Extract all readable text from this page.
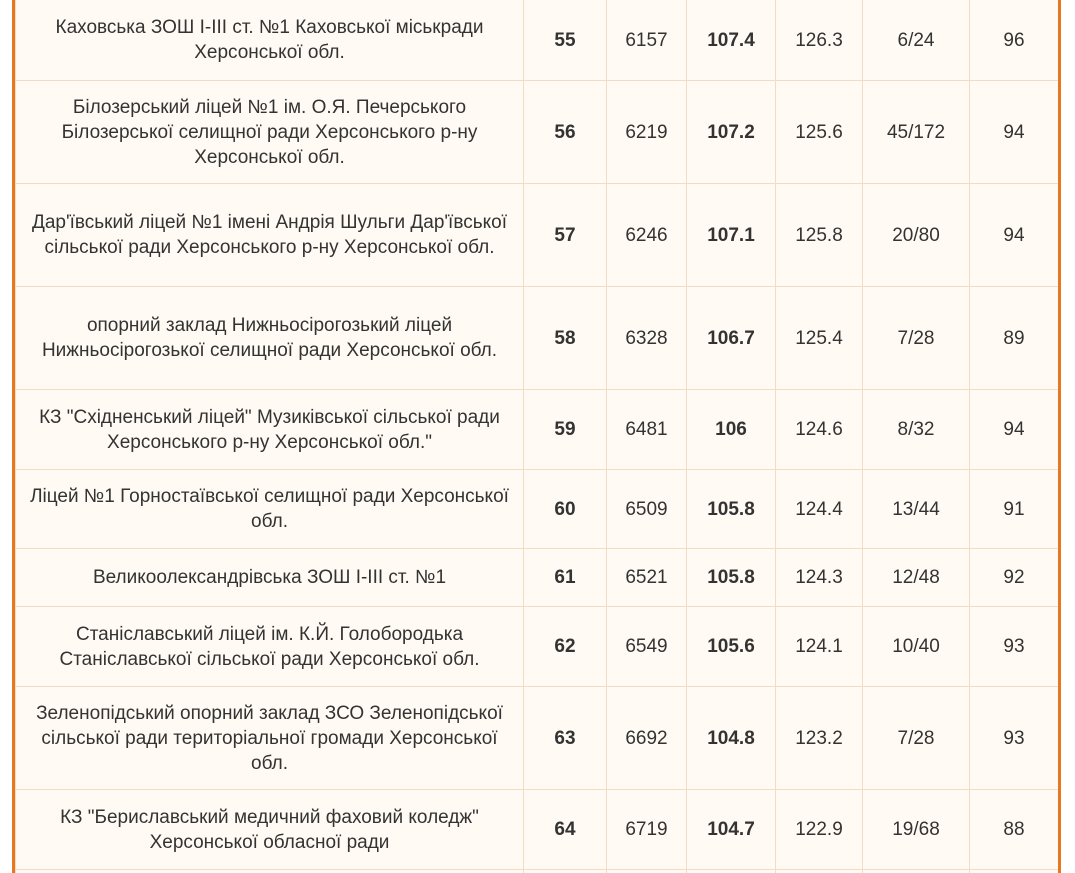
Каховська ЗОШ І-ІІІ ст. №1 Каховської міськради Херсонської обл.	55	6157	107.4	126.3	6/24	96
Білозерський ліцей №1 ім. О.Я. Печерського Білозерської селищної ради Херсонського р-ну Херсонської обл.	56	6219	107.2	125.6	45/172	94
Дар'ївський ліцей №1 імені Андрія Шульги Дар'ївської сільської ради Херсонського р-ну Херсонської обл.	57	6246	107.1	125.8	20/80	94
опорний заклад Нижньосірогозький ліцей Нижньосірогозької селищної ради Херсонської обл.	58	6328	106.7	125.4	7/28	89
КЗ "Східненський ліцей" Музиківської сільської ради Херсонського р-ну Херсонської обл."	59	6481	106	124.6	8/32	94
Ліцей №1 Горностаївської селищної ради Херсонської обл.	60	6509	105.8	124.4	13/44	91
Великоолександрівська ЗОШ І-ІІІ ст. №1	61	6521	105.8	124.3	12/48	92
Станіславський ліцей ім. К.Й. Голобородька Станіславської сільської ради Херсонської обл.	62	6549	105.6	124.1	10/40	93
Зеленопідський опорний заклад ЗСО Зеленопідської сільської ради територіальної громади Херсонської обл.	63	6692	104.8	123.2	7/28	93
КЗ "Бериславський медичний фаховий коледж" Херсонської обласної ради	64	6719	104.7	122.9	19/68	88
